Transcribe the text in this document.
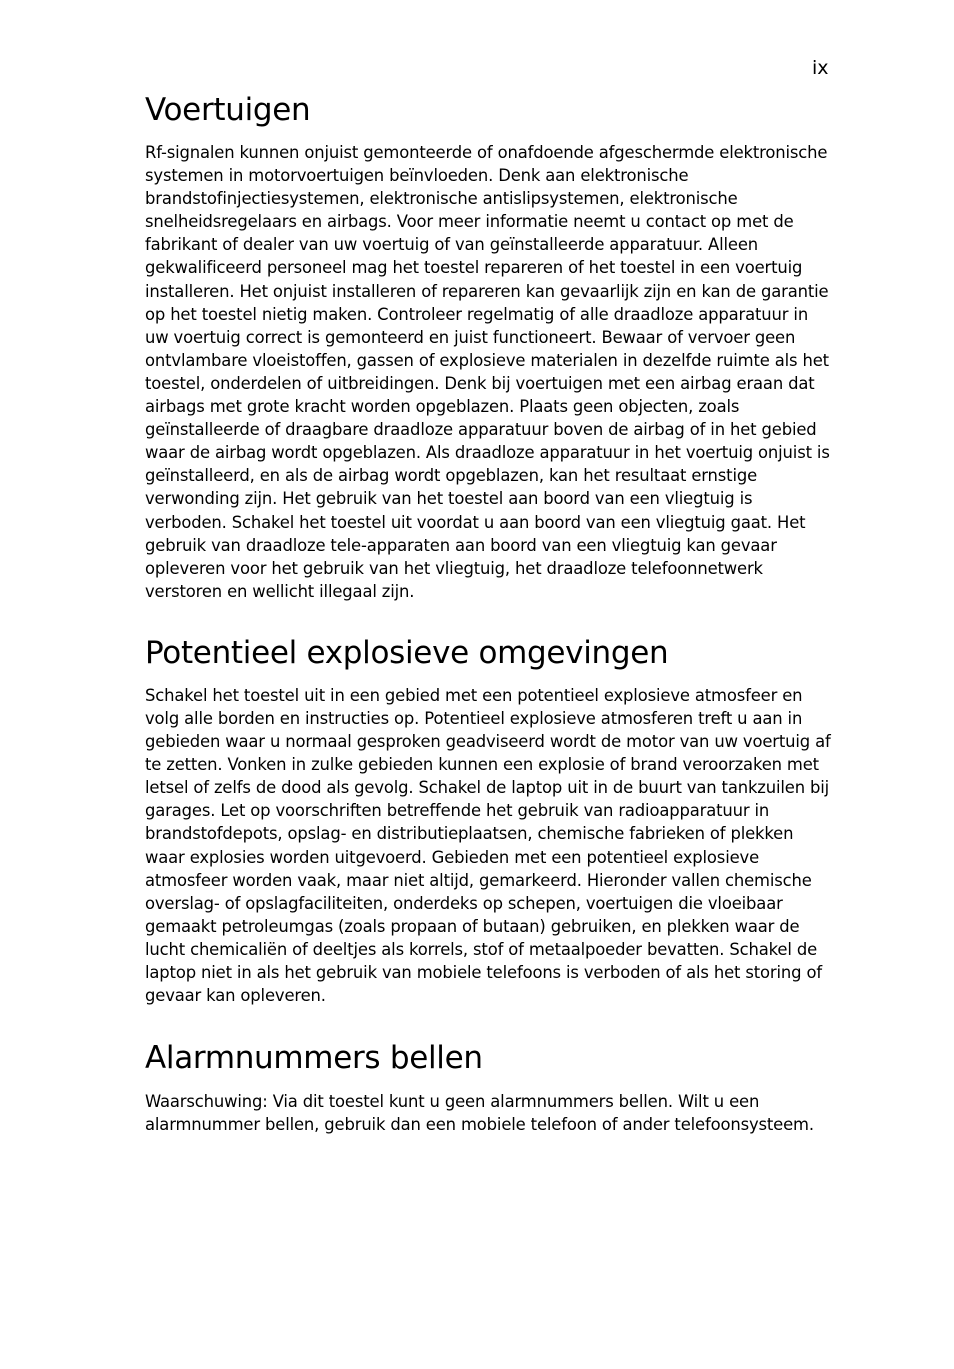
ix
Voertuigen

Rf-signalen kunnen onjuist gemonteerde of onafdoende afgeschermde elektronische systemen in motorvoertuigen beïnvloeden. Denk aan elektronische brandstofinjectiesystemen, elektronische antislipsystemen, elektronische snelheidsregelaars en airbags. Voor meer informatie neemt u contact op met de fabrikant of dealer van uw voertuig of van geïnstalleerde apparatuur. Alleen gekwalificeerd personeel mag het toestel repareren of het toestel in een voertuig installeren. Het onjuist installeren of repareren kan gevaarlijk zijn en kan de garantie op het toestel nietig maken. Controleer regelmatig of alle draadloze apparatuur in uw voertuig correct is gemonteerd en juist functioneert. Bewaar of vervoer geen ontvlambare vloeistoffen, gassen of explosieve materialen in dezelfde ruimte als het toestel, onderdelen of uitbreidingen. Denk bij voertuigen met een airbag eraan dat airbags met grote kracht worden opgeblazen. Plaats geen objecten, zoals geïnstalleerde of draagbare draadloze apparatuur boven de airbag of in het gebied waar de airbag wordt opgeblazen. Als draadloze apparatuur in het voertuig onjuist is geïnstalleerd, en als de airbag wordt opgeblazen, kan het resultaat ernstige verwonding zijn. Het gebruik van het toestel aan boord van een vliegtuig is verboden. Schakel het toestel uit voordat u aan boord van een vliegtuig gaat. Het gebruik van draadloze tele-apparaten aan boord van een vliegtuig kan gevaar opleveren voor het gebruik van het vliegtuig, het draadloze telefoonnetwerk verstoren en wellicht illegaal zijn.

Potentieel explosieve omgevingen

Schakel het toestel uit in een gebied met een potentieel explosieve atmosfeer en volg alle borden en instructies op. Potentieel explosieve atmosferen treft u aan in gebieden waar u normaal gesproken geadviseerd wordt de motor van uw voertuig af te zetten. Vonken in zulke gebieden kunnen een explosie of brand veroorzaken met letsel of zelfs de dood als gevolg. Schakel de laptop uit in de buurt van tankzuilen bij garages. Let op voorschriften betreffende het gebruik van radioapparatuur in brandstofdepots, opslag- en distributieplaatsen, chemische fabrieken of plekken waar explosies worden uitgevoerd. Gebieden met een potentieel explosieve atmosfeer worden vaak, maar niet altijd, gemarkeerd. Hieronder vallen chemische overslag- of opslagfaciliteiten, onderdeks op schepen, voertuigen die vloeibaar gemaakt petroleumgas (zoals propaan of butaan) gebruiken, en plekken waar de lucht chemicaliën of deeltjes als korrels, stof of metaalpoeder bevatten. Schakel de laptop niet in als het gebruik van mobiele telefoons is verboden of als het storing of gevaar kan opleveren.

Alarmnummers bellen

Waarschuwing: Via dit toestel kunt u geen alarmnummers bellen. Wilt u een alarmnummer bellen, gebruik dan een mobiele telefoon of ander telefoonsysteem.
